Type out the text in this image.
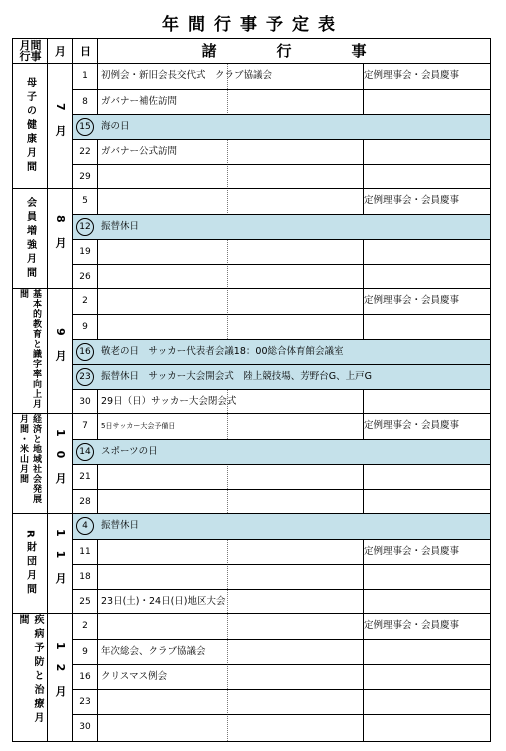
年間行事予定表
月間
行事	月	日	諸行事
母子の健康月間 7月
1 初例会・新旧会長交代式　クラブ協議会	定例理事会・会員慶事
8 ガバナー補佐訪問
15	海の日
22 ガバナー公式訪問
29
会員増強月間 8月
5	定例理事会・会員慶事
12	振替休日
19
26
基本的教育と識字率向上月間
9月
2	定例理事会・会員慶事
9
16	敬老の日　サッカー代表者会議18：00総合体育館会議室
23	振替休日　サッカー大会開会式　陸上競技場、芳野台G、上戸G
30 29日（日）サッカー大会閉会式
経済と地域社会発展月間・米山月間	10月
7 5日サッカー大会予備日	定例理事会・会員慶事
14	スポーツの日
21
28
R財団月間 11月
4	振替休日
11	定例理事会・会員慶事
18
25 23日(土)・24日(日)地区大会
疾病予防と治療月間
12月
2	定例理事会・会員慶事
9 年次総会、クラブ協議会
16 クリスマス例会
23
30
